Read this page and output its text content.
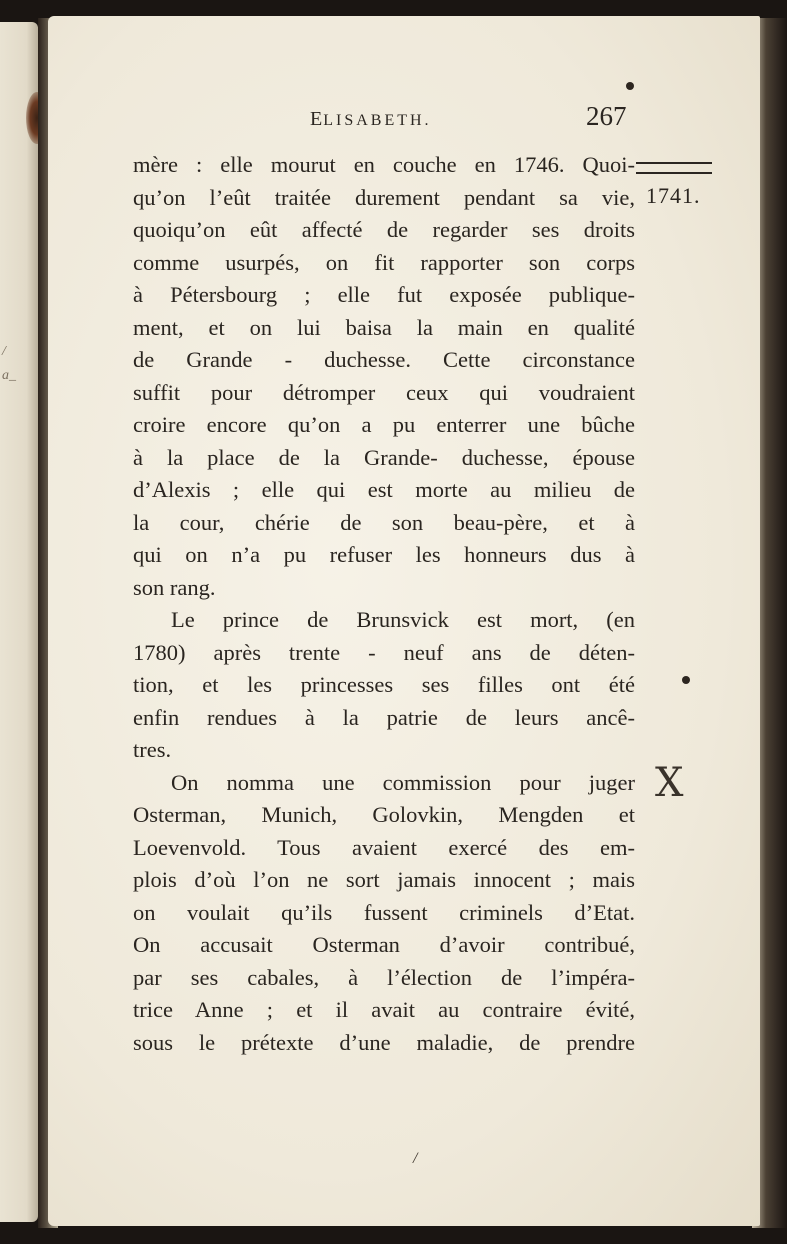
/
a_
ELISABETH.	267
1741.
X
mère : elle mourut en couche en 1746. Quoi-
qu’on l’eût traitée durement pendant sa vie,
quoiqu’on eût affecté de regarder ses droits
comme usurpés, on fit rapporter son corps
à Pétersbourg ; elle fut exposée publique-
ment, et on lui baisa la main en qualité
de Grande - duchesse. Cette circonstance
suffit pour détromper ceux qui voudraient
croire encore qu’on a pu enterrer une bûche
à la place de la Grande- duchesse, épouse
d’Alexis ; elle qui est morte au milieu de
la cour, chérie de son beau-père, et à
qui on n’a pu refuser les honneurs dus à
son rang.
Le prince de Brunsvick est mort, (en
1780) après trente - neuf ans de déten-
tion, et les princesses ses filles ont été
enfin rendues à la patrie de leurs ancê-
tres.
On nomma une commission pour juger
Osterman, Munich, Golovkin, Mengden et
Loevenvold. Tous avaient exercé des em-
plois d’où l’on ne sort jamais innocent ; mais
on voulait qu’ils fussent criminels d’Etat.
On accusait Osterman d’avoir contribué,
par ses cabales, à l’élection de l’impéra-
trice Anne ; et il avait au contraire évité,
sous le prétexte d’une maladie, de prendre
/
